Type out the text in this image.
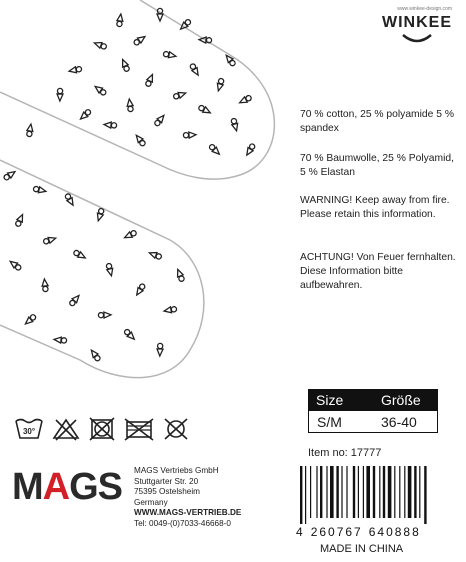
www.winkee-design.com
WINKEE
70 % cotton, 25 % polyamide 5 % spandex
70 % Baumwolle, 25 % Polyamid, 5 % Elastan
WARNING! Keep away from fire. Please retain this information.
ACHTUNG! Von Feuer fernhalten. Diese Information bitte aufbewahren.
Size	Größe
S/M	36-40
Item no: 17777
4 260767 640888
MADE IN CHINA
30°
MAGS MAGS Vertriebs GmbH
Stuttgarter Str. 20
75395 Ostelsheim
Germany
WWW.MAGS-VERTRIEB.DE
Tel: 0049-(0)7033-46668-0
